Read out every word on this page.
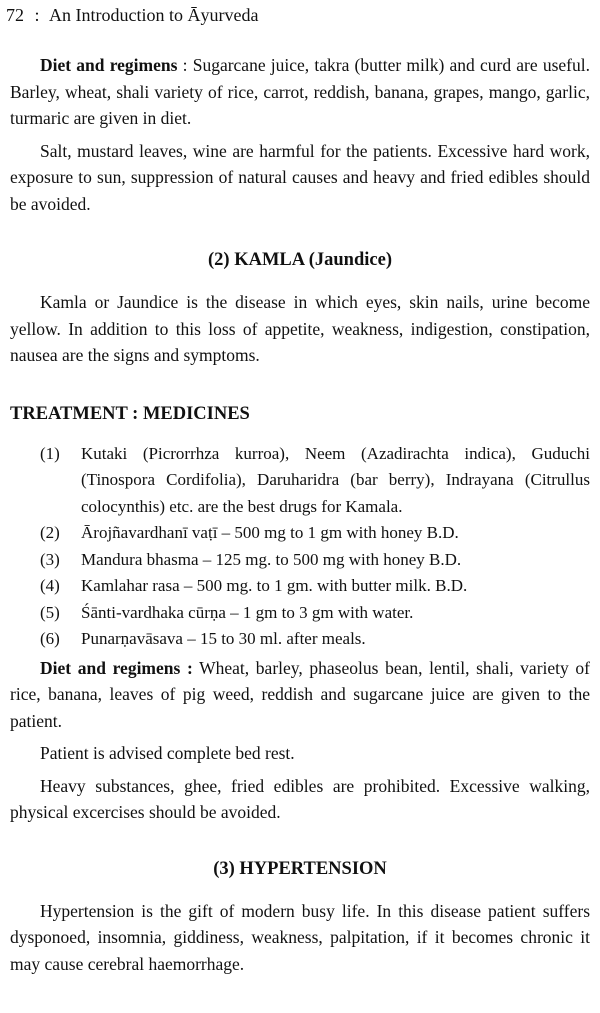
72 : An Introduction to Āyurveda

Diet and regimens : Sugarcane juice, takra (butter milk) and curd are useful. Barley, wheat, shali variety of rice, carrot, reddish, banana, grapes, mango, garlic, turmaric are given in diet.

Salt, mustard leaves, wine are harmful for the patients. Excessive hard work, exposure to sun, suppression of natural causes and heavy and fried edibles should be avoided.

(2) KAMLA (Jaundice)

Kamla or Jaundice is the disease in which eyes, skin nails, urine become yellow. In addition to this loss of appetite, weakness, indigestion, constipation, nausea are the signs and symptoms.

TREATMENT : MEDICINES
(1) Kutaki (Picrorrhza kurroa), Neem (Azadirachta indica), Guduchi (Tinospora Cordifolia), Daruharidra (bar berry), Indrayana (Citrullus colocynthis) etc. are the best drugs for Kamala.
(2) Ārojñavardhanī vaṭī – 500 mg to 1 gm with honey B.D.
(3) Mandura bhasma – 125 mg. to 500 mg with honey B.D.
(4) Kamlahar rasa – 500 mg. to 1 gm. with butter milk. B.D.
(5) Śānti-vardhaka cūrṇa – 1 gm to 3 gm with water.
(6) Punarṇavāsava – 15 to 30 ml. after meals.

Diet and regimens : Wheat, barley, phaseolus bean, lentil, shali, variety of rice, banana, leaves of pig weed, reddish and sugarcane juice are given to the patient.

Patient is advised complete bed rest.

Heavy substances, ghee, fried edibles are prohibited. Excessive walking, physical excercises should be avoided.

(3) HYPERTENSION

Hypertension is the gift of modern busy life. In this disease patient suffers dysponoed, insomnia, giddiness, weakness, palpitation, if it becomes chronic it may cause cerebral haemorrhage.
